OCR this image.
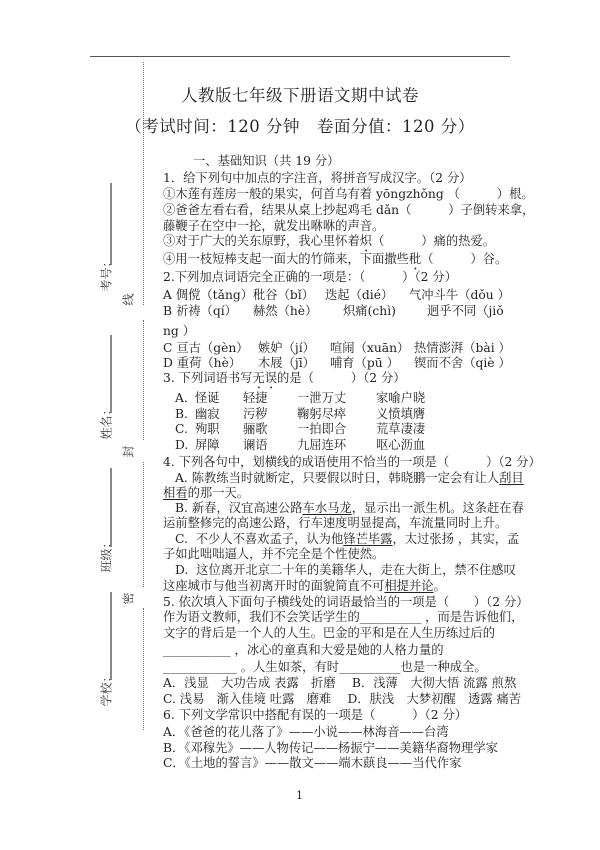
考号：
姓名：
班级：
学校：
线
封
密
人教版七年级下册语文期中试卷
（考试时间：120 分钟　卷面分值：120 分）
一、基础知识（共 19 分）
1．给下列句中加点的字注音，将拼音写成汉字。（2 分）
①木莲有莲房一般的果实，何首乌有着 yōngzhǒng （　　　）根。
②爸爸左看右看，结果从桌上抄起鸡毛 dǎn（　　　）子倒转来拿，
藤鞭子在空中一抡，就发出咻咻的声音。
③对于广大的关东原野，我心里怀着炽（　　　）痛的热爱。
④用一枝短棒支起一面大的竹筛来，下面撒些秕（　　　）谷。
2.下列加点词语完全正确的一项是：（　　　）（2 分）
A 倜傥（tǎng）秕谷（bǐ） 迭起（dié） 气冲斗牛（dǒu ）
B 祈祷（qí） 赫然（hè） 炽痛(chì)	迥乎不同（jiǒ
ng ）
C 亘古（gèn） 嫉妒（jí） 喧闹（xuān） 热情澎湃（bài ）
D 重荷（hè） 木屐（jī） 哺育（pū ） 锲而不舍（qiè ）
3. 下列词语书写无误的是（　　　）（2 分）
A．怪诞 轻捷 一泄万丈 家喻户晓
B. 幽寂 污秽 鞠躬尽瘁 义愤填膺
C. 殉职 骊歌 一拍即合 荒草凄凄
D. 屏障 谰语 九屈连环 呕心沥血
4. 下列各句中，划横线的成语使用不恰当的一项是（　　　）（2 分）
A. 陈教练当时就断定，只要假以时日，韩晓鹏一定会有让人刮目
相看的那一天。
B. 新春，汉宜高速公路车水马龙，显示出一派生机。这条赶在春
运前整修完的高速公路，行车速度明显提高，车流量同时上升。
C.  不少人不喜欢孟子，认为他锋芒毕露，太过张扬 ，其实，孟
子如此咄咄逼人，并不完全是个性使然。
D.  这位离开北京二十年的美籍华人，走在大街上，禁不住感叹
这座城市与他当初离开时的面貌简直不可相提并论。
5. 依次填入下面句子横线处的词语最恰当的一项是（　　）（2 分）
作为语文教师，我们不会笑话学生的__________ ，而是告诉他们，
文字的背后是一个人的人生。巴金的平和是在人生历练过后的
___________ ，冰心的童真和大爱是她的人格力量的
____________ 。人生如茶，有时__________也是一种成全。
A．浅显　大功告成 表露　折磨　 B．浅薄　大彻大悟 流露 煎熬
C. 浅易　渐入佳境 吐露　磨难　 D．肤浅　大梦初醒　透露 痛苦
6. 下列文学常识中搭配有误的一项是（　　　）（2 分）
A．《爸爸的花儿落了》——小说——林海音——台湾
B．《邓稼先》——人物传记——杨振宁——美籍华裔物理学家
C．《土地的誓言》——散文——端木蕻良——当代作家
1
